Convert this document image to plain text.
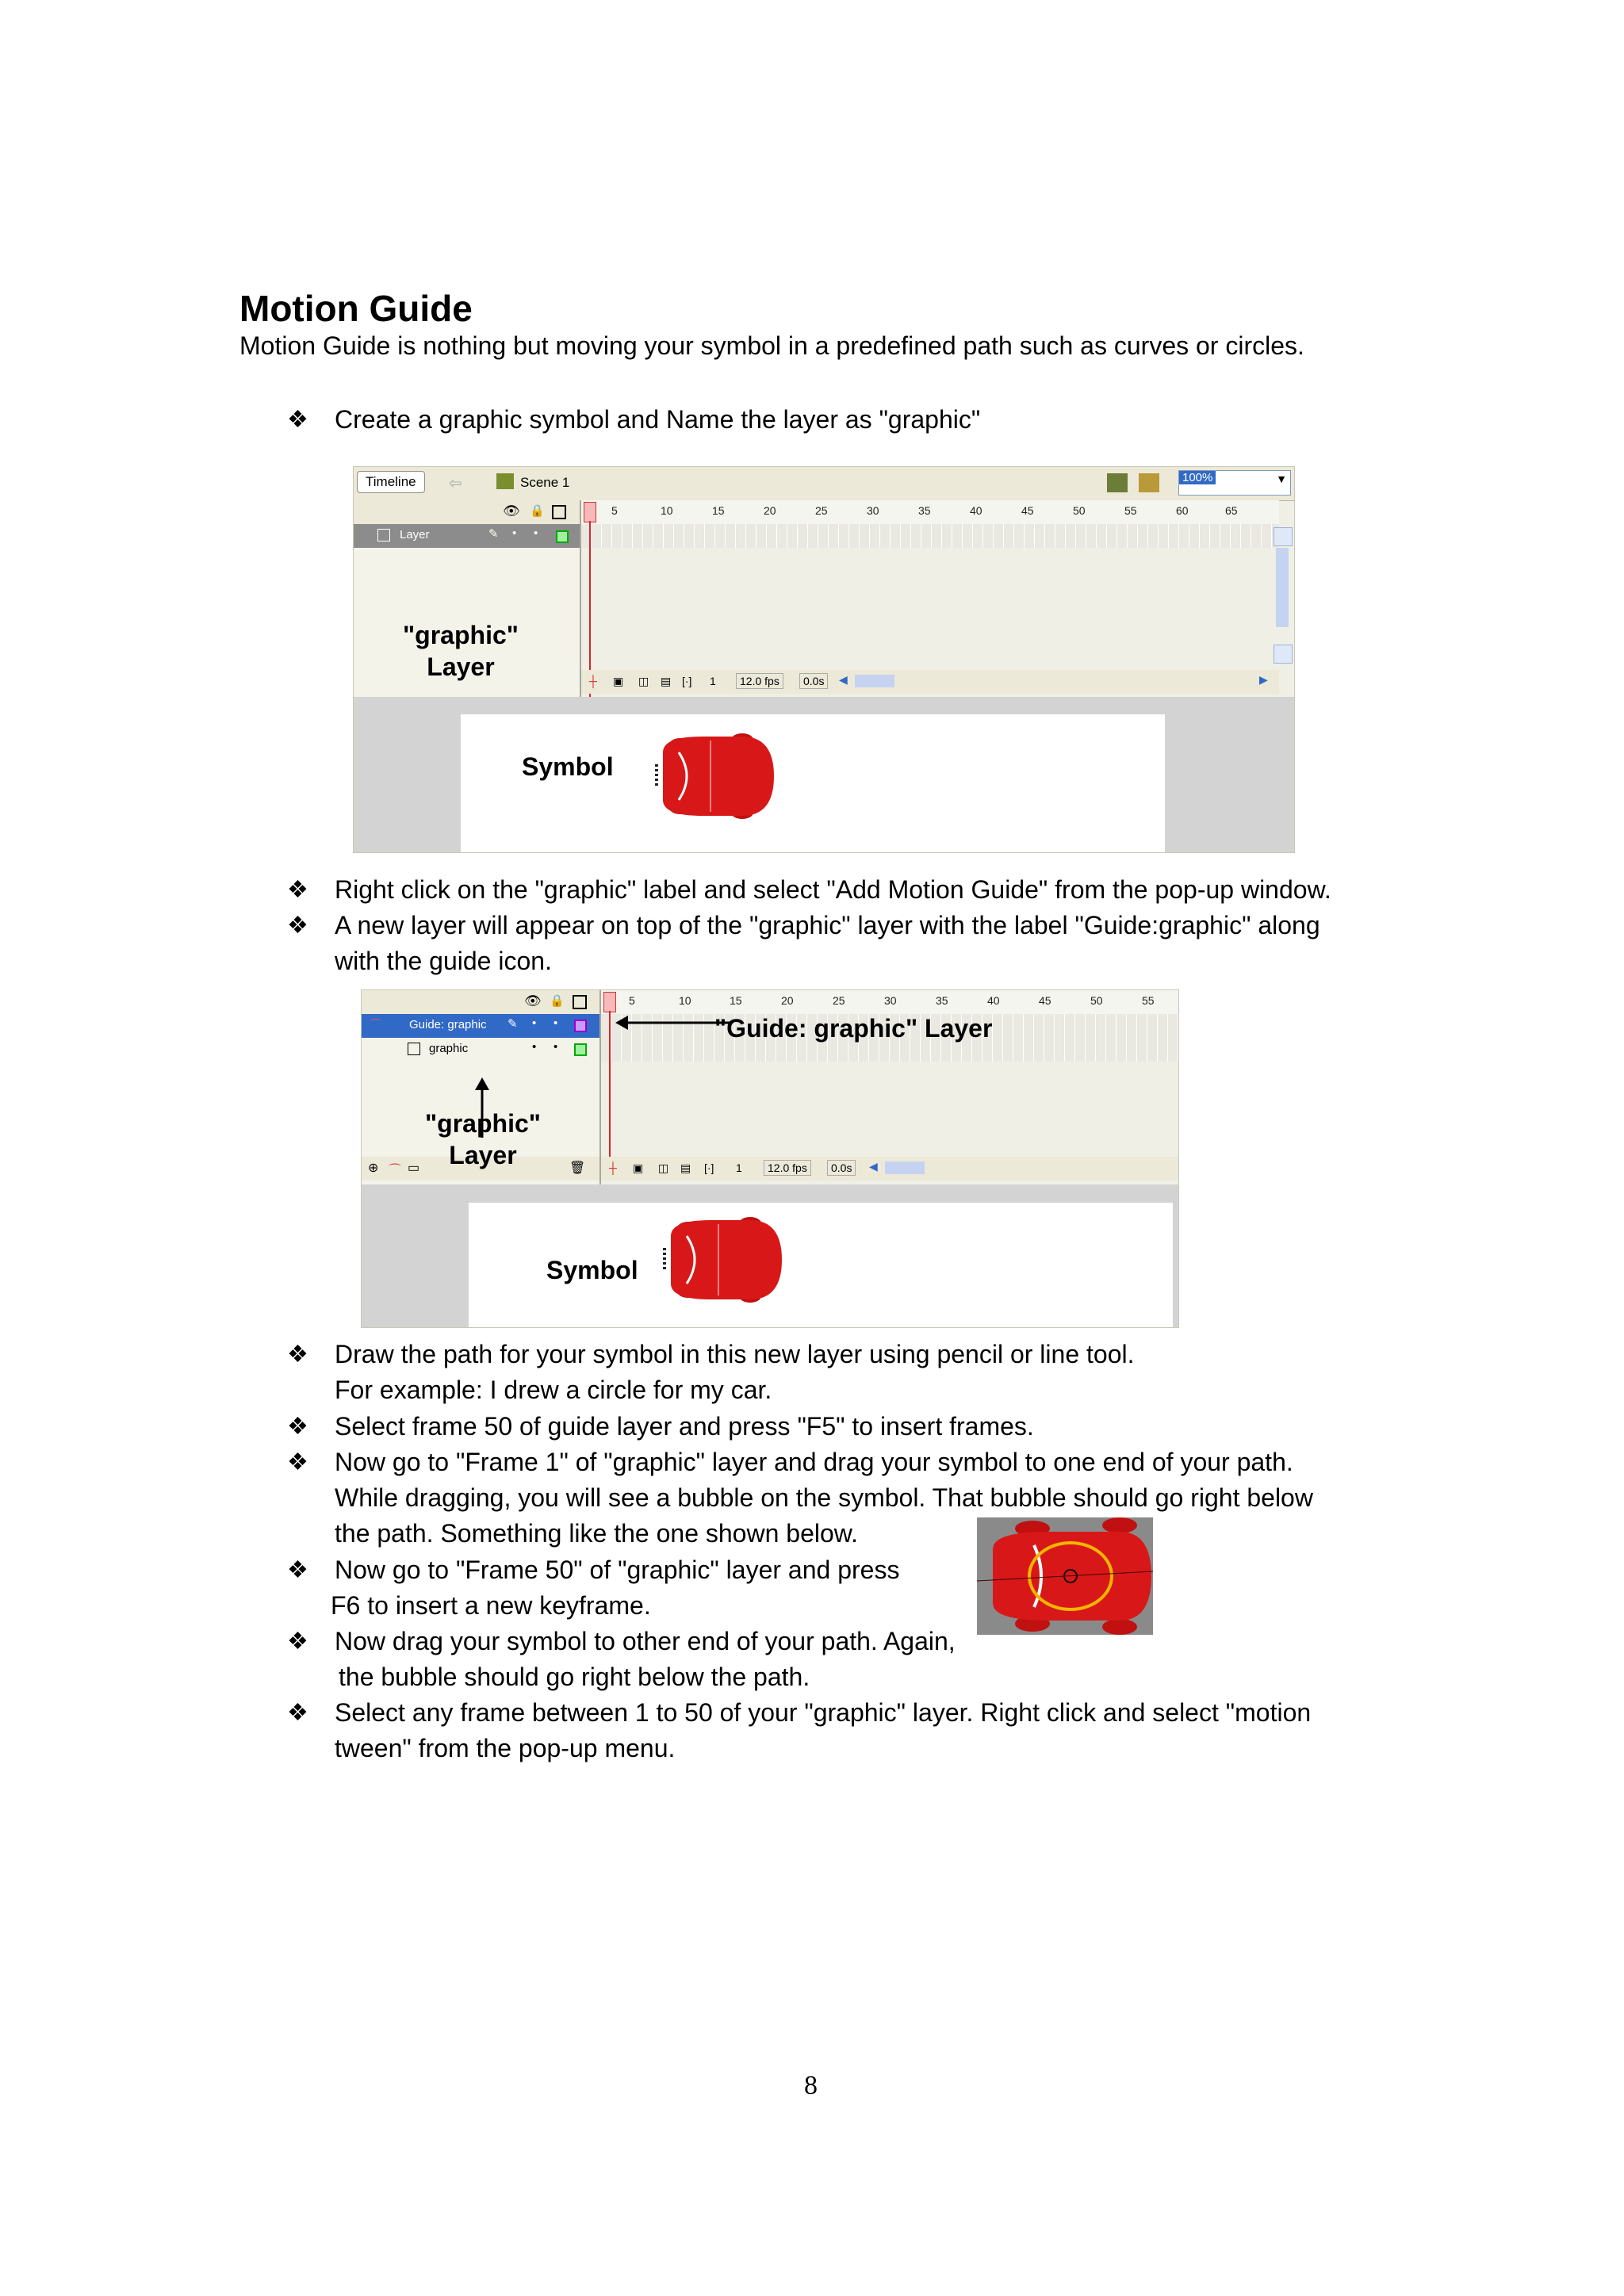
Motion Guide
Motion Guide is nothing but moving your symbol in a predefined path such as curves or circles.
❖ Create a graphic symbol and Name the layer as "graphic"
Timeline	⇦	Scene 1	100%	▼
👁 🔒
Layer	✎ • •
"graphic"
Layer
5	10	15	20	25	30	35	40	45	50	55	60	65
┼ ▣ ◫ ▤ [·] 1	12.0 fps	0.0s	◀	▶
Symbol
❖ Right click on the "graphic" label and select "Add Motion Guide" from the pop-up window.
❖ A new layer will appear on top of the "graphic" layer with the label "Guide:graphic" along
with the guide icon.
👁 🔒
⌒ Guide: graphic ✎ • •
graphic	• •
⊕ ⌒ ▭	🗑
5	10	15	20	25	30	35	40	45	50	55
"Guide: graphic" Layer
"graphic"
Layer	┼ ▣ ◫ ▤ [·] 1	12.0 fps	0.0s	◀
Symbol
❖ Draw the path for your symbol in this new layer using pencil or line tool.
For example: I drew a circle for my car.
❖ Select frame 50 of guide layer and press "F5" to insert frames.
❖ Now go to "Frame 1" of "graphic" layer and drag your symbol to one end of your path.
While dragging, you will see a bubble on the symbol. That bubble should go right below
the path. Something like the one shown below.
❖ Now go to "Frame 50" of "graphic" layer and press
F6 to insert a new keyframe.
❖ Now drag your symbol to other end of your path. Again,
the bubble should go right below the path.
❖ Select any frame between 1 to 50 of your "graphic" layer. Right click and select "motion
tween" from the pop-up menu.
8
